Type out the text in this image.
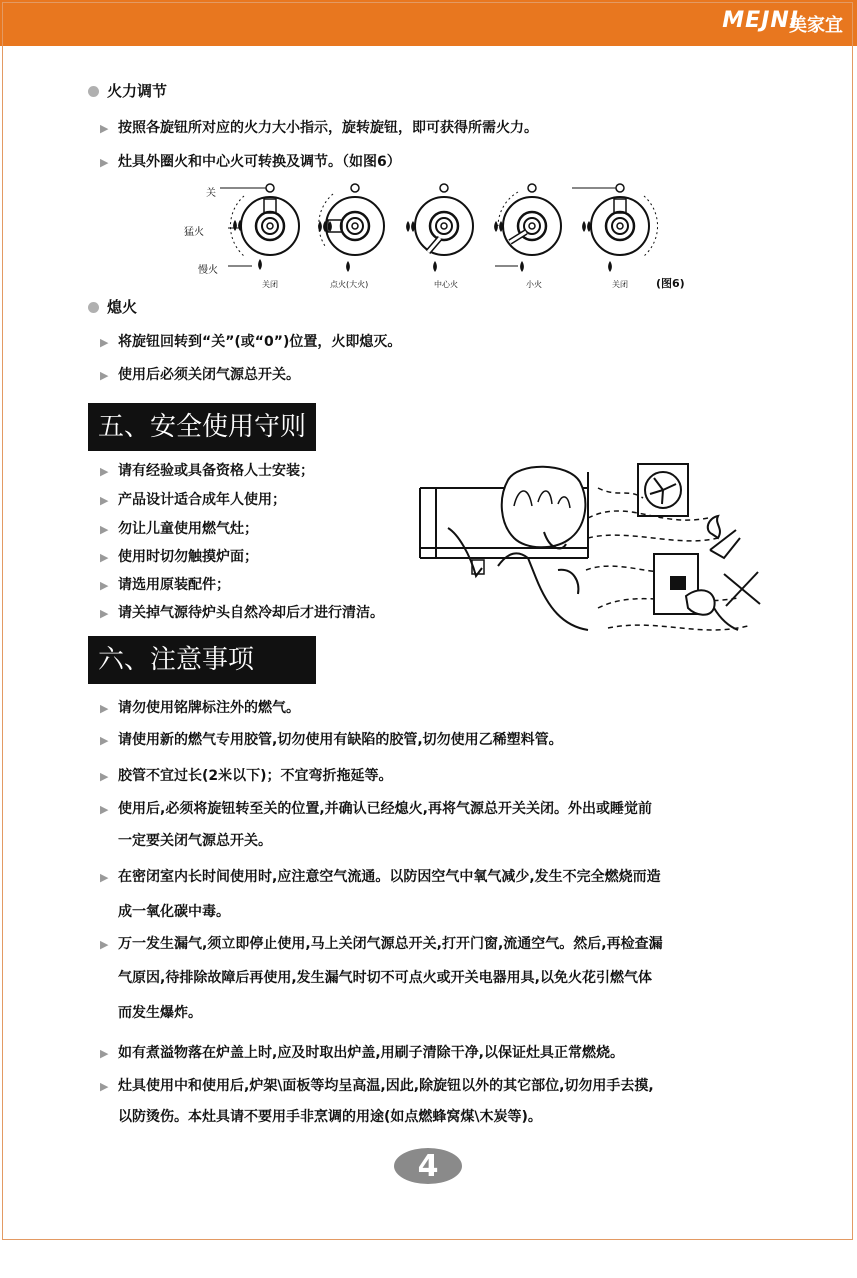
MEJNI
美家宜
火力调节
▶ 按照各旋钮所对应的火力大小指示，旋转旋钮，即可获得所需火力。
▶ 灶具外圈火和中心火可转换及调节。（如图6）
关
猛火
慢火
关闭	点火(大火)	中心火	小火	关闭	(图6)
熄火
▶ 将旋钮回转到“关”(或“0”)位置，火即熄灭。
▶ 使用后必须关闭气源总开关。
五、安全使用守则
▶ 请有经验或具备资格人士安装；
▶ 产品设计适合成年人使用；
▶ 勿让儿童使用燃气灶；
▶ 使用时切勿触摸炉面；
▶ 请选用原装配件；
▶ 请关掉气源待炉头自然冷却后才进行清洁。
六、注意事项
▶ 请勿使用铭牌标注外的燃气。
▶ 请使用新的燃气专用胶管,切勿使用有缺陷的胶管,切勿使用乙稀塑料管。
▶ 胶管不宜过长(2米以下)；不宜弯折拖延等。
▶ 使用后,必须将旋钮转至关的位置,并确认已经熄火,再将气源总开关关闭。外出或睡觉前
一定要关闭气源总开关。
▶ 在密闭室内长时间使用时,应注意空气流通。以防因空气中氧气减少,发生不完全燃烧而造
成一氧化碳中毒。
▶ 万一发生漏气,须立即停止使用,马上关闭气源总开关,打开门窗,流通空气。然后,再检查漏
气原因,待排除故障后再使用,发生漏气时切不可点火或开关电器用具,以免火花引燃气体
而发生爆炸。
▶ 如有煮溢物落在炉盖上时,应及时取出炉盖,用刷子清除干净,以保证灶具正常燃烧。
▶ 灶具使用中和使用后,炉架\面板等均呈高温,因此,除旋钮以外的其它部位,切勿用手去摸,
以防烫伤。本灶具请不要用手非烹调的用途(如点燃蜂窝煤\木炭等)。
4
